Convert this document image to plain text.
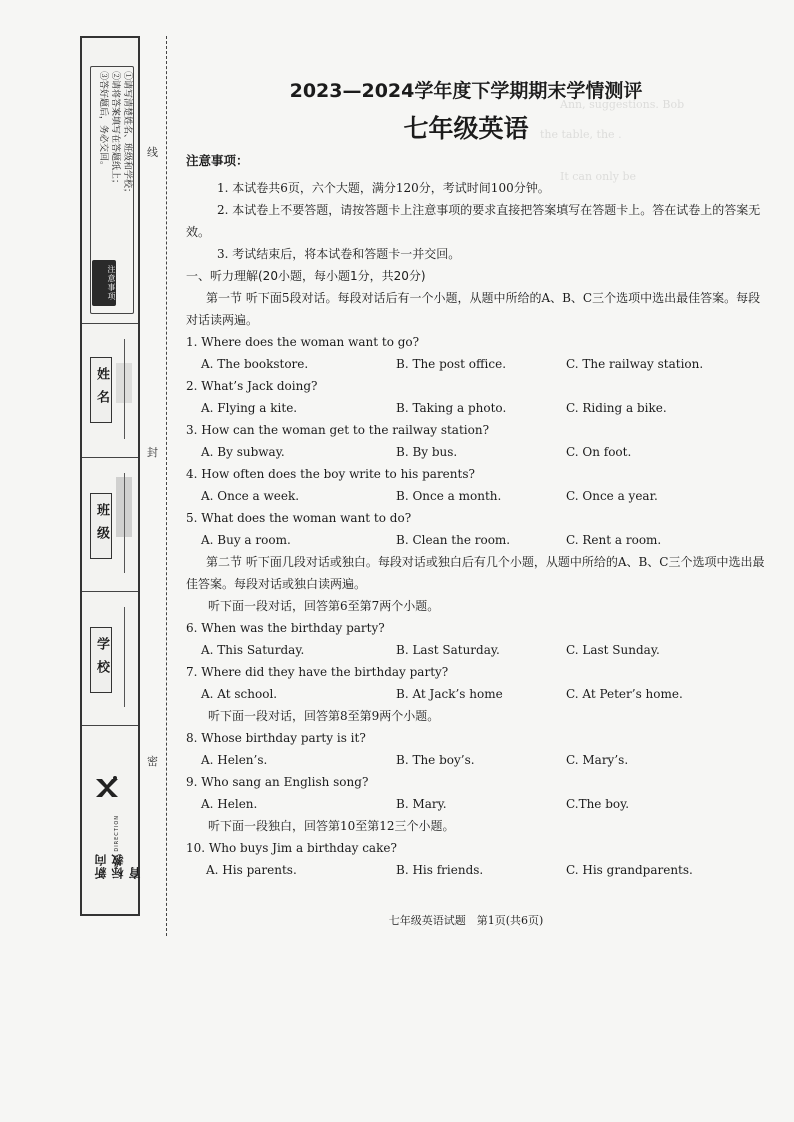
Ann, suggestions. Bob
the table, the .
It can only be
①请写清楚姓名、班级和学校；
②请将答案填写在答题纸上；
③答好题后，务必交回。
注意事项
姓名
班级
学校
NEW DIRECTION
新向标教育
线
封
密
2023—2024学年度下学期期末学情测评
七年级英语

注意事项：

1. 本试卷共6页，六个大题，满分120分，考试时间100分钟。

2. 本试卷上不要答题，请按答题卡上注意事项的要求直接把答案填写在答题卡上。答在试卷上的答案无效。

3. 考试结束后，将本试卷和答题卡一并交回。

一、听力理解(20小题，每小题1分，共20分)

第一节 听下面5段对话。每段对话后有一个小题，从题中所给的A、B、C三个选项中选出最佳答案。每段对话读两遍。

1. Where does the woman want to go?

A. The bookstore.	B. The post office.	C. The railway station.

2. What’s Jack doing?

A. Flying a kite.	B. Taking a photo.	C. Riding a bike.

3. How can the woman get to the railway station?

A. By subway.	B. By bus.	C. On foot.

4. How often does the boy write to his parents?

A. Once a week.	B. Once a month.	C. Once a year.

5. What does the woman want to do?

A. Buy a room.	B. Clean the room.	C. Rent a room.

第二节 听下面几段对话或独白。每段对话或独白后有几个小题，从题中所给的A、B、C三个选项中选出最佳答案。每段对话或独白读两遍。

听下面一段对话，回答第6至第7两个小题。

6. When was the birthday party?

A. This Saturday.	B. Last Saturday.	C. Last Sunday.

7. Where did they have the birthday party?

A. At school.	B. At Jack’s home	C. At Peter’s home.

听下面一段对话，回答第8至第9两个小题。

8. Whose birthday party is it?

A. Helen’s.	B. The boy’s.	C. Mary’s.

9. Who sang an English song?

A. Helen.	B. Mary.	C.The boy.

听下面一段独白，回答第10至第12三个小题。

10. Who buys Jim a birthday cake?

A. His parents.	B. His friends.	C. His grandparents.
七年级英语试题　第1页(共6页)
